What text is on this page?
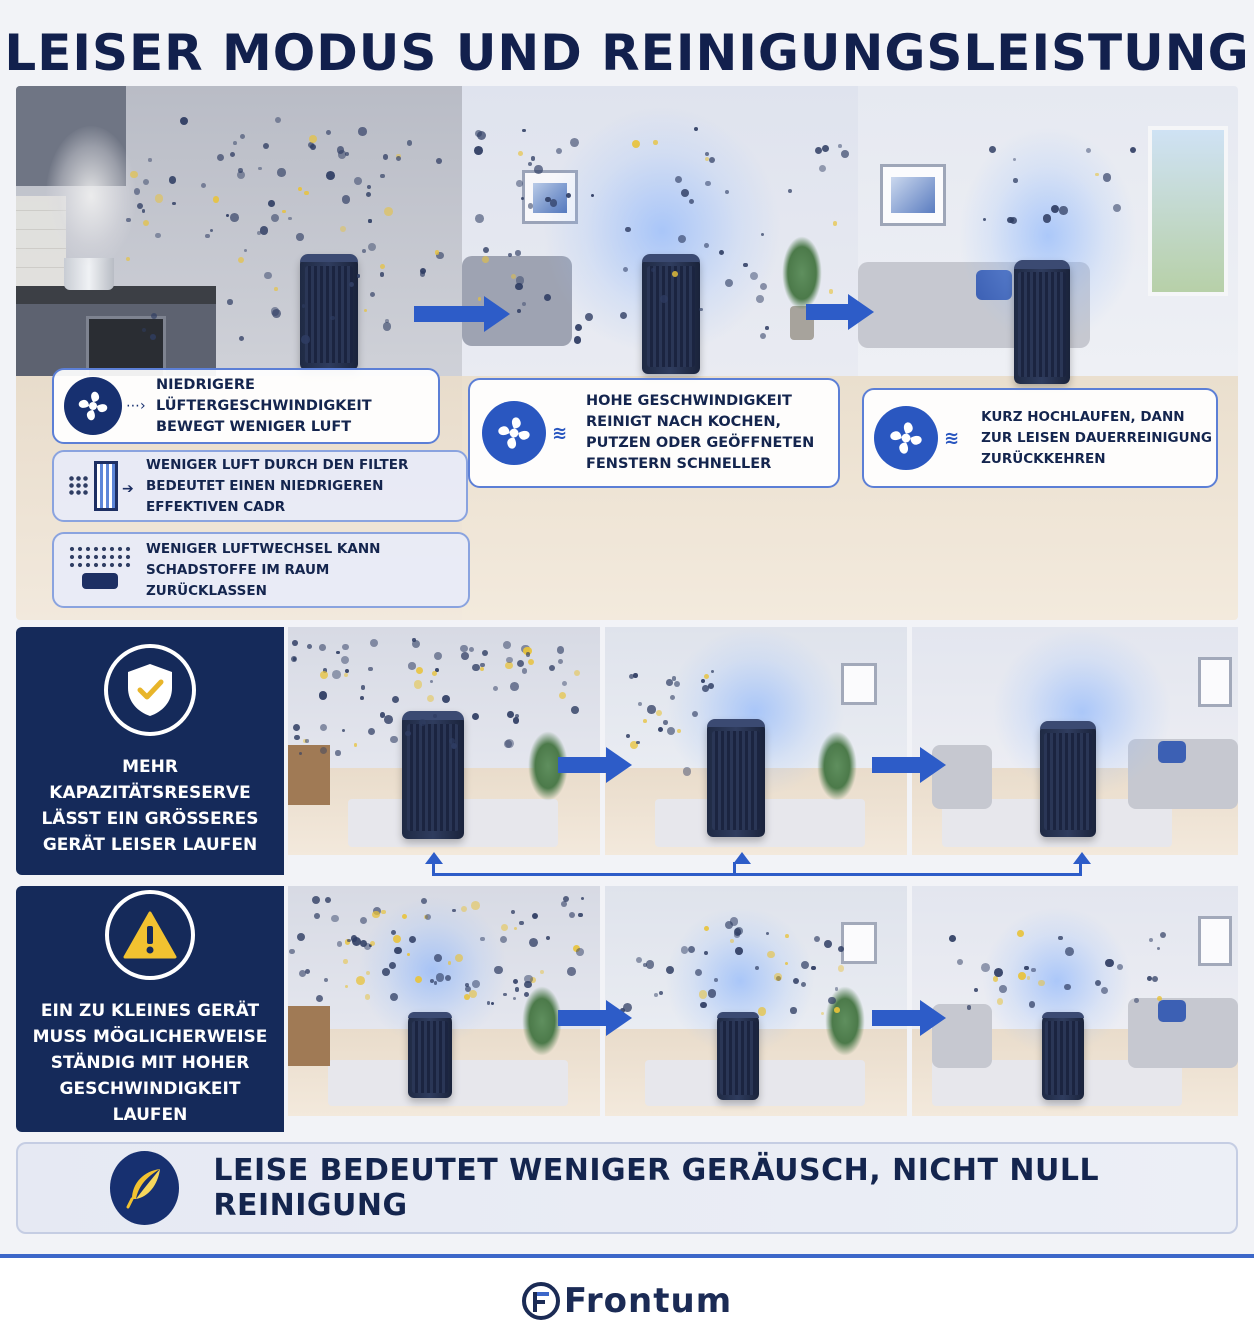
LEISER MODUS UND REINIGUNGSLEISTUNG
⋯›
NIEDRIGERE LÜFTERGESCHWINDIGKEIT BEWEGT WENIGER LUFT
➔
WENIGER LUFT DURCH DEN FILTER BEDEUTET EINEN NIEDRIGEREN EFFEKTIVEN CADR
WENIGER LUFTWECHSEL KANN SCHADSTOFFE IM RAUM ZURÜCKLASSEN
≋
HOHE GESCHWINDIGKEIT REINIGT NACH KOCHEN, PUTZEN ODER GEÖFFNETEN FENSTERN SCHNELLER
≋
KURZ HOCHLAUFEN, DANN ZUR LEISEN DAUERREINIGUNG ZURÜCKKEHREN
MEHR KAPAZITÄTSRESERVE LÄSST EIN GRÖSSERES GERÄT LEISER LAUFEN
EIN ZU KLEINES GERÄT MUSS MÖGLICHERWEISE STÄNDIG MIT HOHER GESCHWINDIGKEIT LAUFEN
LEISE BEDEUTET WENIGER GERÄUSCH, NICHT NULL REINIGUNG
Frontum
